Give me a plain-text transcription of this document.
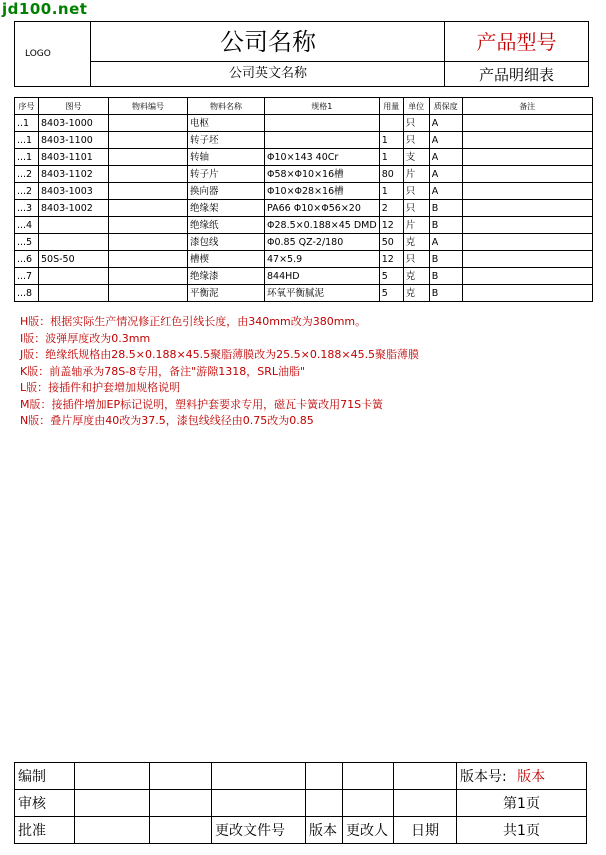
jd100.net
LOGO	公司名称
公司英文名称
产品型号
产品明细表
序号	图号	物料编号	物料名称	规格1	用量	单位	质保度	备注
..1	8403-1000		电枢			只	A	
...1	8403-1100		转子坯		1	只	A	
...1	8403-1101		转轴	Φ10×143 40Cr	1	支	A	
...2	8403-1102		转子片	Φ58×Φ10×16槽	80	片	A	
...2	8403-1003		换向器	Φ10×Φ28×16槽	1	只	A	
...3	8403-1002		绝缘架	PA66 Φ10×Φ56×20	2	只	B	
...4			绝缘纸	Φ28.5×0.188×45 DMD	12	片	B	
...5			漆包线	Φ0.85 QZ-2/180	50	克	A	
...6	50S-50		槽楔	47×5.9	12	只	B	
...7			绝缘漆	844HD	5	克	B	
...8			平衡泥	环氧平衡腻泥	5	克	B	
H版：根据实际生产情况修正红色引线长度，由340mm改为380mm。
I版：波弹厚度改为0.3mm
J版：绝缘纸规格由28.5×0.188×45.5聚脂薄膜改为25.5×0.188×45.5聚脂薄膜
K版：前盖轴承为78S-8专用，备注"游隙1318，SRL油脂"
L版：接插件和护套增加规格说明
M版：接插件增加EP标记说明，塑料护套要求专用，磁瓦卡簧改用71S卡簧
N版：叠片厚度由40改为37.5，漆包线线径由0.75改为0.85
编制							版本号: 版本
审核							第1页
批准			更改文件号	版本	更改人	日期	共1页
